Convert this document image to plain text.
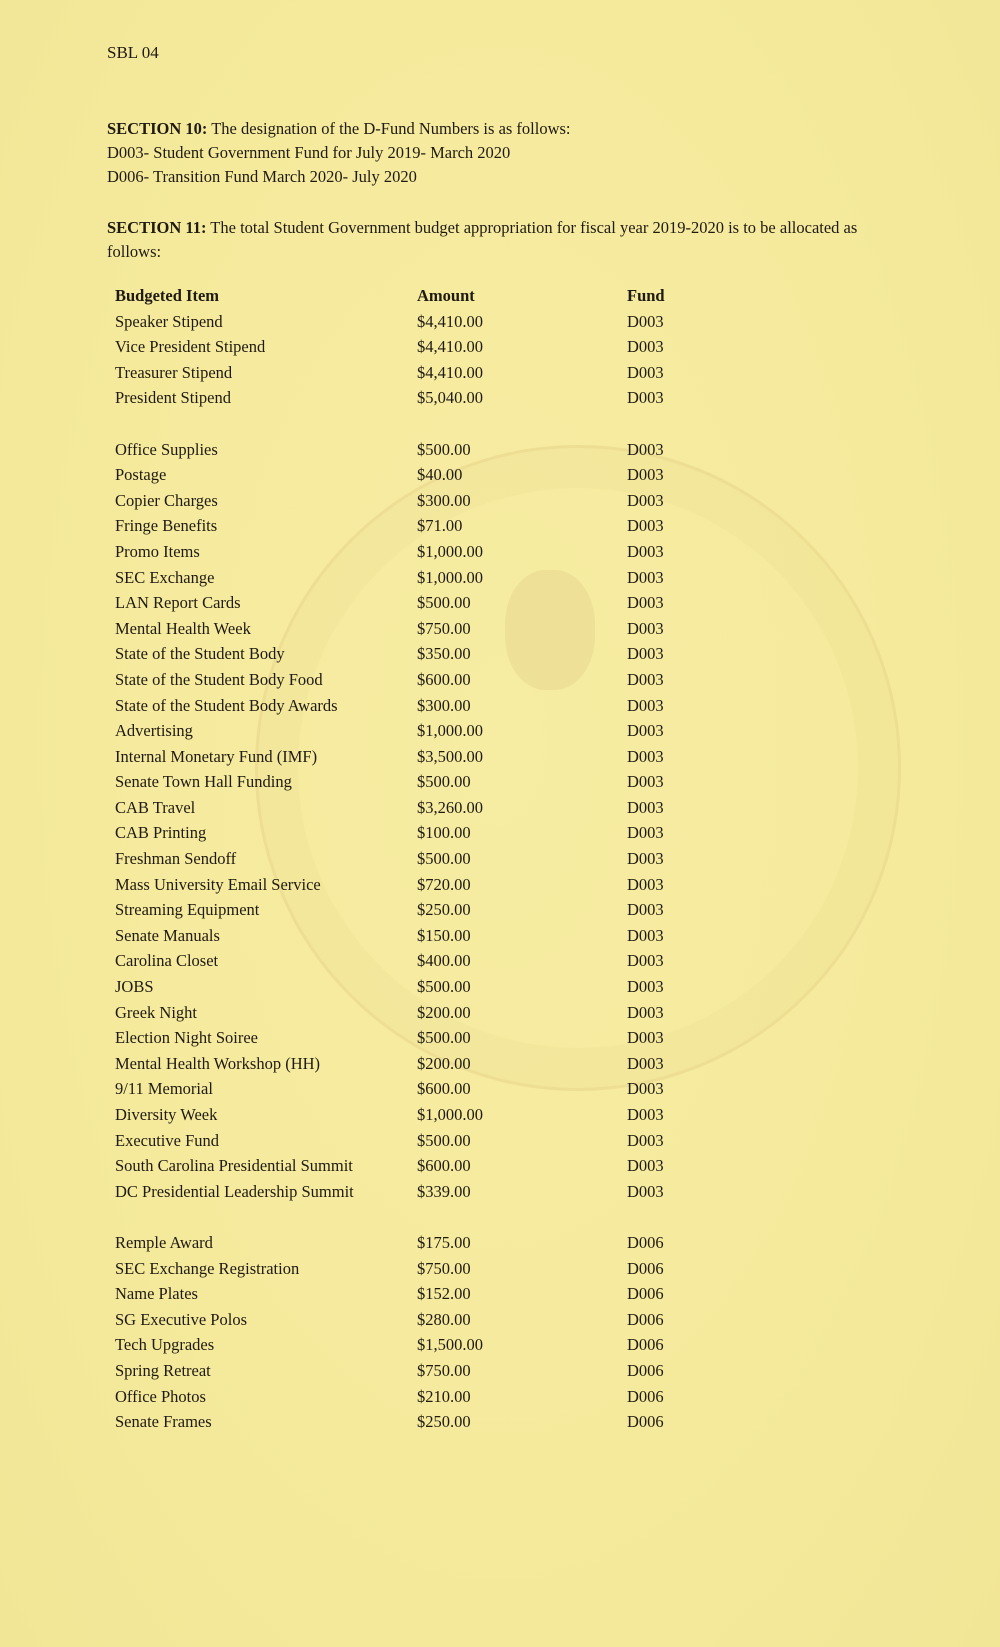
SBL 04
SECTION 10: The designation of the D-Fund Numbers is as follows:
D003- Student Government Fund for July 2019- March 2020
D006- Transition Fund March 2020- July 2020
SECTION 11: The total Student Government budget appropriation for fiscal year 2019-2020 is to be allocated as follows:
Budgeted Item	Amount	Fund
Speaker Stipend	$4,410.00	D003
Vice President Stipend	$4,410.00	D003
Treasurer Stipend	$4,410.00	D003
President Stipend	$5,040.00	D003
Office Supplies	$500.00	D003
Postage	$40.00	D003
Copier Charges	$300.00	D003
Fringe Benefits	$71.00	D003
Promo Items	$1,000.00	D003
SEC Exchange	$1,000.00	D003
LAN Report Cards	$500.00	D003
Mental Health Week	$750.00	D003
State of the Student Body	$350.00	D003
State of the Student Body Food	$600.00	D003
State of the Student Body Awards	$300.00	D003
Advertising	$1,000.00	D003
Internal Monetary Fund (IMF)	$3,500.00	D003
Senate Town Hall Funding	$500.00	D003
CAB Travel	$3,260.00	D003
CAB Printing	$100.00	D003
Freshman Sendoff	$500.00	D003
Mass University Email Service	$720.00	D003
Streaming Equipment	$250.00	D003
Senate Manuals	$150.00	D003
Carolina Closet	$400.00	D003
JOBS	$500.00	D003
Greek Night	$200.00	D003
Election Night Soiree	$500.00	D003
Mental Health Workshop (HH)	$200.00	D003
9/11 Memorial	$600.00	D003
Diversity Week	$1,000.00	D003
Executive Fund	$500.00	D003
South Carolina Presidential Summit	$600.00	D003
DC Presidential Leadership Summit	$339.00	D003
Remple Award	$175.00	D006
SEC Exchange Registration	$750.00	D006
Name Plates	$152.00	D006
SG Executive Polos	$280.00	D006
Tech Upgrades	$1,500.00	D006
Spring Retreat	$750.00	D006
Office Photos	$210.00	D006
Senate Frames	$250.00	D006
